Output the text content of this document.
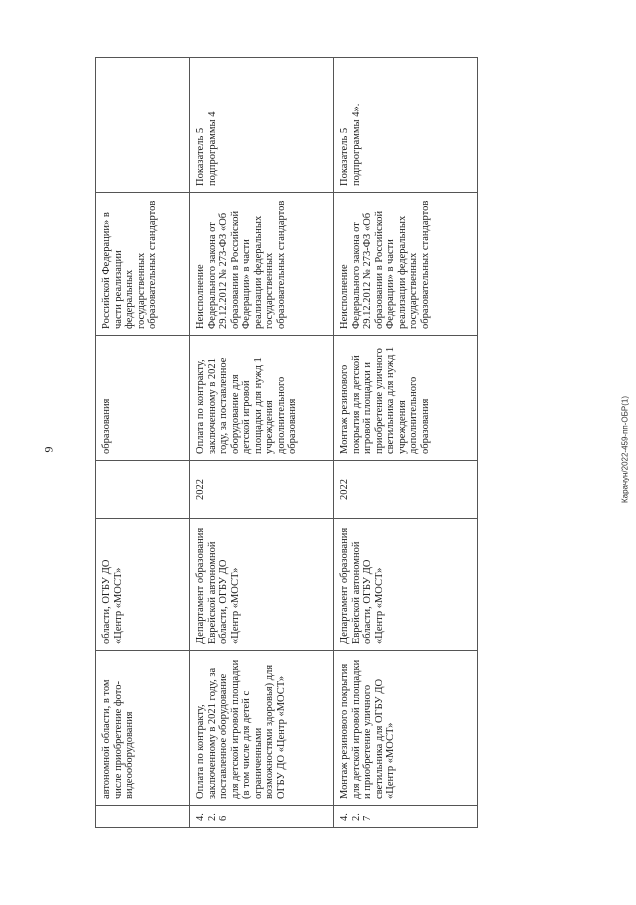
9	Карачун/2022-459-пп-ОБР(1)
	автономной области, в том числе приобретение фото-видеооборудования	области, ОГБУ ДО «Центр «МОСТ»		образования	Российской Федерации» в части реализации федеральных государственных образовательных стандартов	
4.2.6	Оплата по контракту, заключенному в 2021 году, за поставленное оборудование для детской игровой площадки (в том числе для детей с ограниченными возможностями здоровья) для ОГБУ ДО «Центр «МОСТ»	Департамент образования Еврейской автономной области, ОГБУ ДО «Центр «МОСТ»	2022	Оплата по контракту, заключенному в 2021 году, за поставленное оборудование для детской игровой площадки для нужд 1 учреждения дополнительного образования	Неисполнение Федерального закона от 29.12.2012 № 273-ФЗ «Об образовании в Российской Федерации» в части реализации федеральных государственных образовательных стандартов	Показатель 5 подпрограммы 4
4.2.7	Монтаж резинового покрытия для детской игровой площадки и приобретение уличного светильника для ОГБУ ДО «Центр «МОСТ»	Департамент образования Еврейской автономной области, ОГБУ ДО «Центр «МОСТ»	2022	Монтаж резинового покрытия для детской игровой площадки и приобретение уличного светильника для нужд 1 учреждения дополнительного образования	Неисполнение Федерального закона от 29.12.2012 № 273-ФЗ «Об образовании в Российской Федерации» в части реализации федеральных государственных образовательных стандартов	Показатель 5 подпрограммы 4».
